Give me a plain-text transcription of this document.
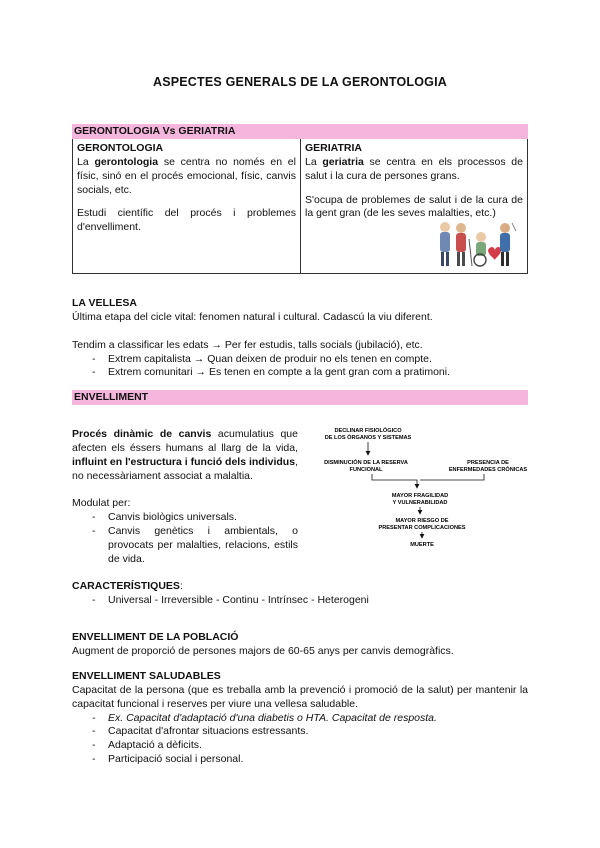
ASPECTES GENERALS DE LA GERONTOLOGIA
GERONTOLOGIA Vs GERIATRIA

GERONTOLOGIA

La gerontologia se centra no només en el físic, sinó en el procés emocional, físic, canvis socials, etc.

Estudi científic del procés i problemes d'envelliment.

GERIATRIA

La geriatria se centra en els processos de salut i la cura de persones grans.

S'ocupa de problemes de salut i de la cura de la gent gran (de les seves malalties, etc.)

LA VELLESA

Última etapa del cicle vital: fenomen natural i cultural. Cadascú la viu diferent.

Tendim a classificar les edats → Per fer estudis, talls socials (jubilació), etc.

- Extrem capitalista → Quan deixen de produir no els tenen en compte.
- Extrem comunitari → Es tenen en compte a la gent gran com a pratimoni.
ENVELLIMENT

Procés dinàmic de canvis acumulatius que afecten els éssers humans al llarg de la vida, influint en l'estructura i funció dels individus, no necessàriament associat a malaltia.

Modulat per:

- Canvis biològics universals.
- Canvis genètics i ambientals, o provocats per malalties, relacions, estils de vida.
DECLINAR FISIOLÓGICO
DE LOS ÓRGANOS Y SISTEMAS
DISMINUCIÓN DE LA RESERVA
FUNCIONAL
PRESENCIA DE
ENFERMEDADES CRÓNICAS
MAYOR FRAGILIDAD
Y VULNERABILIDAD
MAYOR RIESGO DE
PRESENTAR COMPLICACIONES
MUERTE

CARACTERÍSTIQUES:

- Universal - Irreversible - Continu - Intrínsec - Heterogeni

ENVELLIMENT DE LA POBLACIÓ

Augment de proporció de persones majors de 60-65 anys per canvis demogràfics.

ENVELLIMENT SALUDABLES

Capacitat de la persona (que es treballa amb la prevenció i promoció de la salut) per mantenir la capacitat funcional i reserves per viure una vellesa saludable.

- Ex. Capacitat d'adaptació d'una diabetis o HTA. Capacitat de resposta.
- Capacitat d'afrontar situacions estressants.
- Adaptació a dèficits.
- Participació social i personal.
